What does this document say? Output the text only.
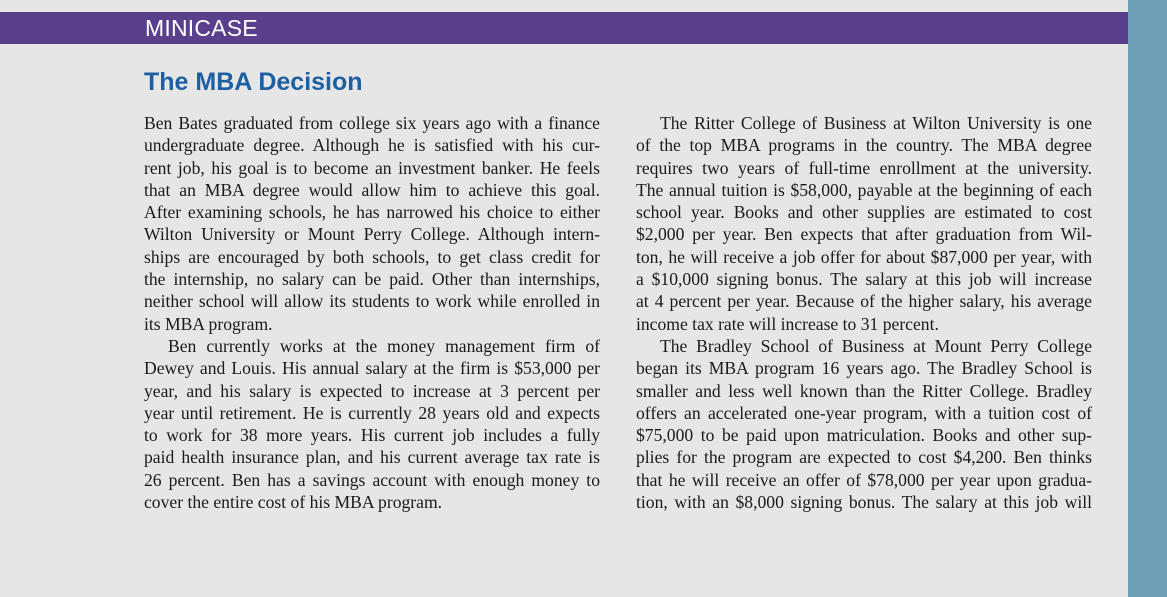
MINICASE
The MBA Decision
Ben Bates graduated from college six years ago with a finance
undergraduate degree. Although he is satisfied with his cur-
rent job, his goal is to become an investment banker. He feels
that an MBA degree would allow him to achieve this goal.
After examining schools, he has narrowed his choice to either
Wilton University or Mount Perry College. Although intern-
ships are encouraged by both schools, to get class credit for
the internship, no salary can be paid. Other than internships,
neither school will allow its students to work while enrolled in
its MBA program.
Ben currently works at the money management firm of
Dewey and Louis. His annual salary at the firm is $53,000 per
year, and his salary is expected to increase at 3 percent per
year until retirement. He is currently 28 years old and expects
to work for 38 more years. His current job includes a fully
paid health insurance plan, and his current average tax rate is
26 percent. Ben has a savings account with enough money to
cover the entire cost of his MBA program.
The Ritter College of Business at Wilton University is one
of the top MBA programs in the country. The MBA degree
requires two years of full-time enrollment at the university.
The annual tuition is $58,000, payable at the beginning of each
school year. Books and other supplies are estimated to cost
$2,000 per year. Ben expects that after graduation from Wil-
ton, he will receive a job offer for about $87,000 per year, with
a $10,000 signing bonus. The salary at this job will increase
at 4 percent per year. Because of the higher salary, his average
income tax rate will increase to 31 percent.
The Bradley School of Business at Mount Perry College
began its MBA program 16 years ago. The Bradley School is
smaller and less well known than the Ritter College. Bradley
offers an accelerated one-year program, with a tuition cost of
$75,000 to be paid upon matriculation. Books and other sup-
plies for the program are expected to cost $4,200. Ben thinks
that he will receive an offer of $78,000 per year upon gradua-
tion, with an $8,000 signing bonus. The salary at this job will
